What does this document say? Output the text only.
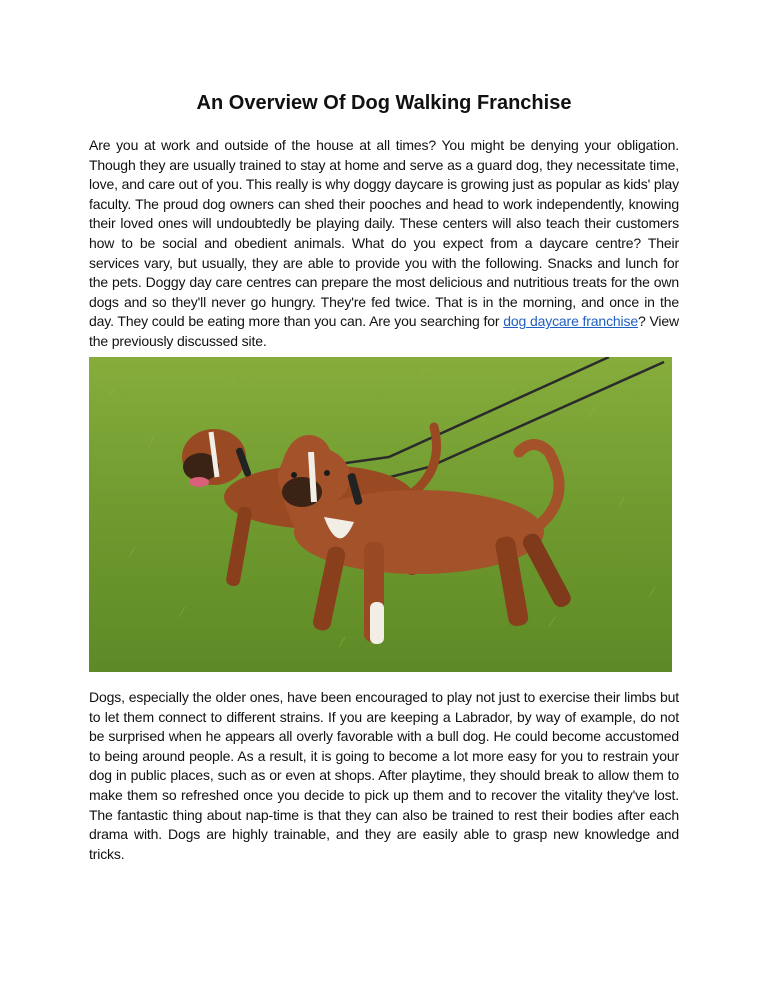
An Overview Of Dog Walking Franchise

Are you at work and outside of the house at all times? You might be denying your obligation. Though they are usually trained to stay at home and serve as a guard dog, they necessitate time, love, and care out of you. This really is why doggy daycare is growing just as popular as kids' play faculty. The proud dog owners can shed their pooches and head to work independently, knowing their loved ones will undoubtedly be playing daily. These centers will also teach their customers how to be social and obedient animals. What do you expect from a daycare centre? Their services vary, but usually, they are able to provide you with the following. Snacks and lunch for the pets. Doggy day care centres can prepare the most delicious and nutritious treats for the own dogs and so they'll never go hungry. They're fed twice. That is in the morning, and once in the day. They could be eating more than you can. Are you searching for dog daycare franchise? View the previously discussed site.

Dogs, especially the older ones, have been encouraged to play not just to exercise their limbs but to let them connect to different strains. If you are keeping a Labrador, by way of example, do not be surprised when he appears all overly favorable with a bull dog. He could become accustomed to being around people. As a result, it is going to become a lot more easy for you to restrain your dog in public places, such as or even at shops. After playtime, they should break to allow them to make them so refreshed once you decide to pick up them and to recover the vitality they've lost. The fantastic thing about nap-time is that they can also be trained to rest their bodies after each drama with. Dogs are highly trainable, and they are easily able to grasp new knowledge and tricks.
